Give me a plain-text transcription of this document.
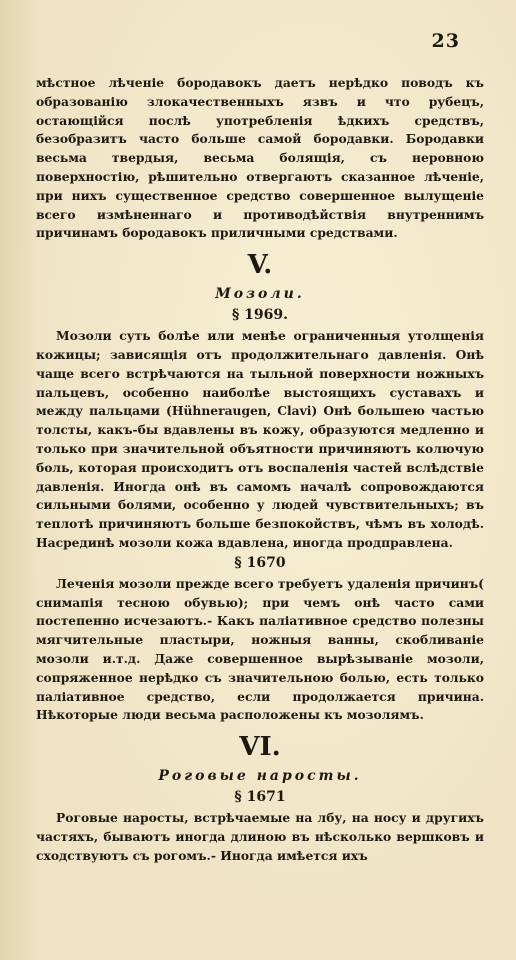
23

мѣстное лѣченіе бородавокъ даетъ нерѣдко поводъ къ образованію злокачественныхъ язвъ и что рубецъ, остающійся послѣ употребленія ѣдкихъ средствъ, безобразитъ часто больше самой бородавки. Бородавки весьма твердыя, весьма болящія, съ неровною поверхностію, рѣшительно отвергаютъ сказанное лѣченіе, при нихъ существенное средство совершенное вылущеніе всего измѣненнаго и противодѣйствія внутреннимъ причинамъ бородавокъ приличными средствами.

V.
Мозоли.
§ 1969.

Мозоли суть болѣе или менѣе ограниченныя утолщенія кожицы; зависящія отъ продолжительнаго давленія. Онѣ чаще всего встрѣчаются на тыльной поверхности ножныхъ пальцевъ, особенно наиболѣе выстоящихъ суставахъ и между пальцами (Hühneraugen, Clavi) Онѣ большею частью толсты, какъ-бы вдавлены въ кожу, образуются медленно и только при значительной объятности причиняютъ колючую боль, которая происходитъ отъ воспаленія частей вслѣдствіе давленія. Иногда онѣ въ самомъ началѣ сопровождаются сильными болями, особенно у людей чувствительныхъ; въ теплотѣ причиняютъ больше безпокойствъ, чѣмъ въ холодѣ. Насрединѣ мозоли кожа вдавлена, иногда продправлена.

§ 1670

Леченія мозоли прежде всего требуетъ удаленія причинъ( снимапія тесною обувью); при чемъ онѣ часто сами постепенно исчезаютъ.- Какъ паліативное средство полезны мягчительные пластыри, ножныя ванны, скобливаніе мозоли и.т.д. Даже совершенное вырѣзываніе мозоли, сопряженное нерѣдко съ значительною болью, есть только паліативное средство, если продолжается причина. Нѣкоторые люди весьма расположены къ мозолямъ.

VI.
Роговые наросты.
§ 1671

Роговые наросты, встрѣчаемые на лбу, на носу и другихъ частяхъ, бываютъ иногда длиною въ нѣсколько вершковъ и сходствуютъ съ рогомъ.- Иногда имѣется ихъ
